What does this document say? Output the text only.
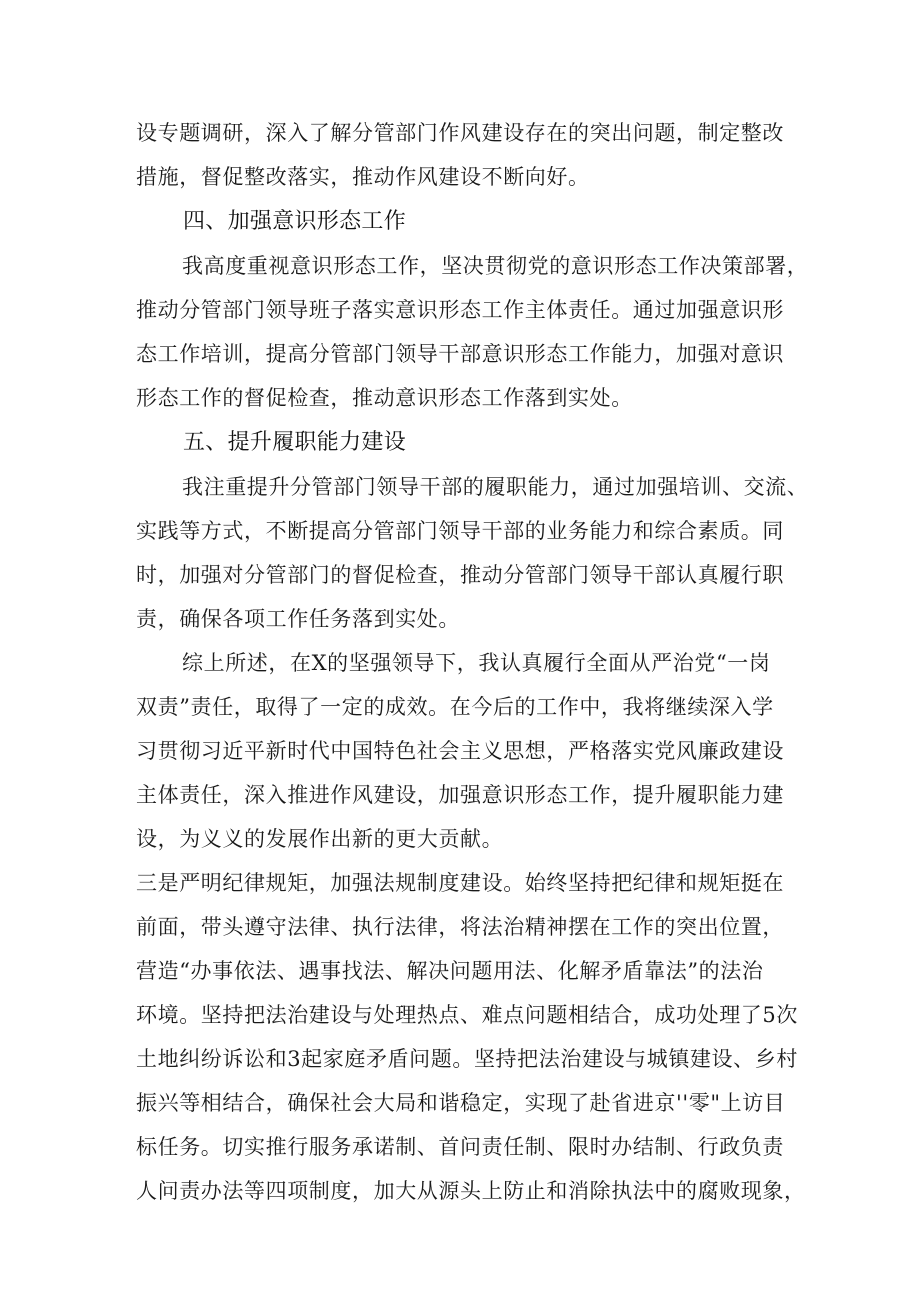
设专题调研，深入了解分管部门作风建设存在的突出问题，制定整改
措施，督促整改落实，推动作风建设不断向好。
四、加强意识形态工作
我高度重视意识形态工作，坚决贯彻党的意识形态工作决策部署，
推动分管部门领导班子落实意识形态工作主体责任。通过加强意识形
态工作培训，提高分管部门领导干部意识形态工作能力，加强对意识
形态工作的督促检查，推动意识形态工作落到实处。
五、提升履职能力建设
我注重提升分管部门领导干部的履职能力，通过加强培训、交流、
实践等方式，不断提高分管部门领导干部的业务能力和综合素质。同
时，加强对分管部门的督促检查，推动分管部门领导干部认真履行职
责，确保各项工作任务落到实处。
综上所述，在X的坚强领导下，我认真履行全面从严治党“一岗
双责”责任，取得了一定的成效。在今后的工作中，我将继续深入学
习贯彻习近平新时代中国特色社会主义思想，严格落实党风廉政建设
主体责任，深入推进作风建设，加强意识形态工作，提升履职能力建
设，为义义的发展作出新的更大贡献。
三是严明纪律规矩，加强法规制度建设。始终坚持把纪律和规矩挺在
前面，带头遵守法律、执行法律，将法治精神摆在工作的突出位置，
营造“办事依法、遇事找法、解决问题用法、化解矛盾靠法”的法治
环境。坚持把法治建设与处理热点、难点问题相结合，成功处理了5次
土地纠纷诉讼和3起家庭矛盾问题。坚持把法治建设与城镇建设、乡村
振兴等相结合，确保社会大局和谐稳定，实现了赴省进京''零"上访目
标任务。切实推行服务承诺制、首问责任制、限时办结制、行政负责
人问责办法等四项制度，加大从源头上防止和消除执法中的腐败现象，
